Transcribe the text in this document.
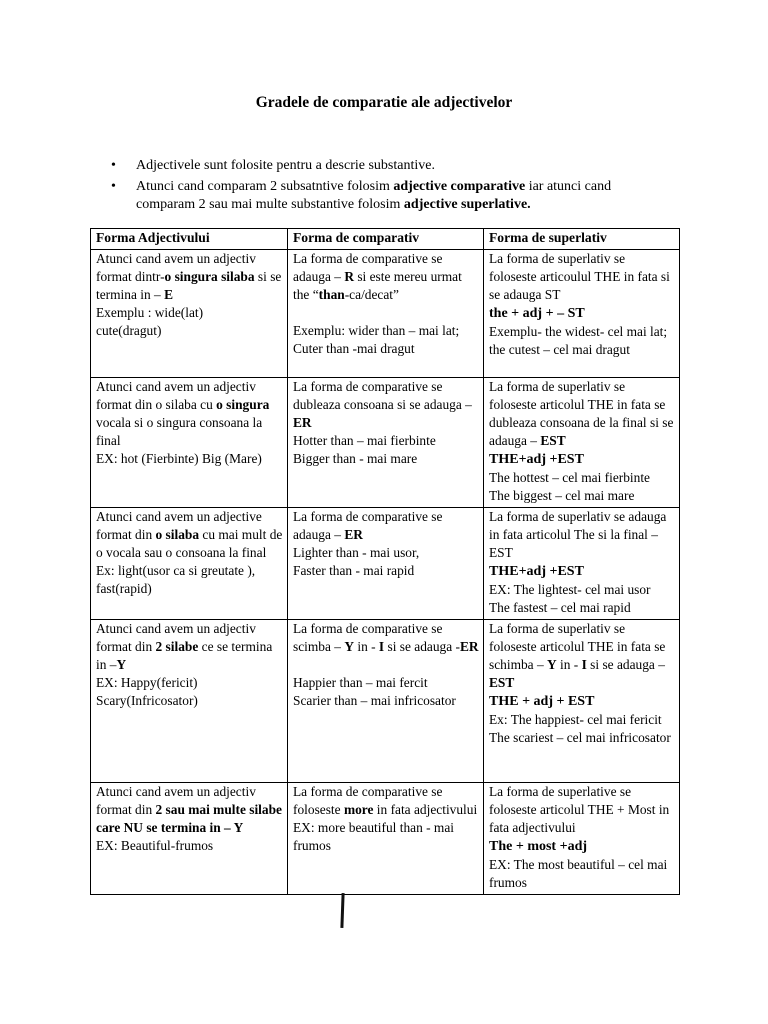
Gradele de comparatie ale adjectivelor
• Adjectivele sunt folosite pentru a descrie substantive.
• Atunci cand comparam 2 subsatntive folosim adjective comparative iar atunci cand comparam 2 sau mai multe substantive folosim adjective superlative.
Forma Adjectivului	Forma de comparativ	Forma de superlativ
Atunci cand avem un adjectiv format dintr-o singura silaba si se termina in – E
Exemplu : wide(lat)
cute(dragut)	La forma de comparative se adauga – R si este mereu urmat the “than-ca/decat”
Exemplu: wider than – mai lat; Cuter than -mai dragut	La forma de superlativ se foloseste articoulul THE in fata si se adauga ST
the + adj + – ST
Exemplu- the widest- cel mai lat;
the cutest – cel mai dragut
Atunci cand avem un adjectiv format din o silaba cu o singura vocala si o singura consoana la final
EX: hot (Fierbinte) Big (Mare)	La forma de comparative se dubleaza consoana si se adauga – ER
Hotter than – mai fierbinte
Bigger than - mai mare	La forma de superlativ se foloseste articolul THE in fata se dubleaza consoana de la final si se adauga – EST
THE+adj +EST
The hottest – cel mai fierbinte
The biggest – cel mai mare
Atunci cand avem un adjective format din o silaba cu mai mult de o vocala sau o consoana la final
Ex: light(usor ca si greutate ), fast(rapid)	La forma de comparative se adauga – ER
Lighter than - mai usor,
Faster than - mai rapid	La forma de superlativ se adauga in fata articolul The si la final – EST
THE+adj +EST
EX: The lightest- cel mai usor
The fastest – cel mai rapid
Atunci cand avem un adjectiv format din 2 silabe ce se termina in –Y
EX: Happy(fericit)
Scary(Infricosator)	La forma de comparative se scimba – Y in - I si se adauga -ER
Happier than – mai fercit
Scarier than – mai infricosator	La forma de superlativ se foloseste articolul THE in fata se schimba – Y in - I si se adauga – EST
THE + adj + EST
Ex: The happiest- cel mai fericit
The scariest – cel mai infricosator
Atunci cand avem un adjectiv format din 2 sau mai multe silabe care NU se termina in – Y
EX: Beautiful-frumos	La forma de comparative se foloseste more in fata adjectivului
EX: more beautiful than - mai frumos	La forma de superlative se foloseste articolul THE + Most in fata adjectivului
The + most +adj
EX: The most beautiful – cel mai frumos
